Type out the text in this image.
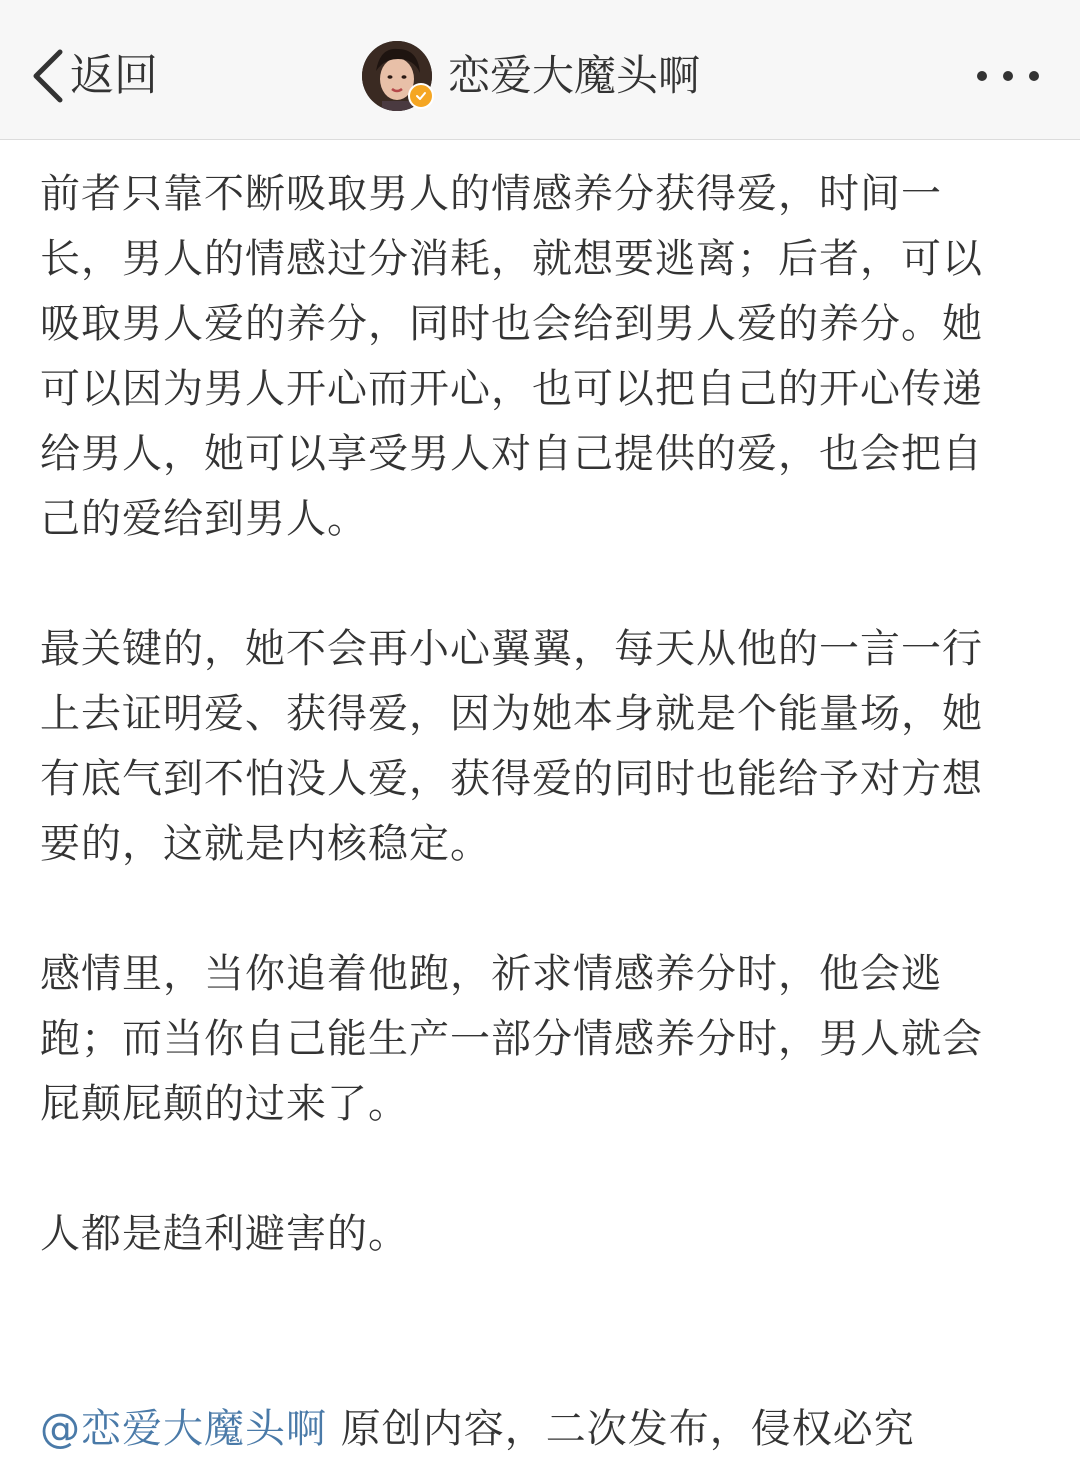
返回	恋爱大魔头啊

前者只靠不断吸取男人的情感养分获得爱，时间一长，男人的情感过分消耗，就想要逃离；后者，可以吸取男人爱的养分，同时也会给到男人爱的养分。她可以因为男人开心而开心，也可以把自己的开心传递给男人，她可以享受男人对自己提供的爱，也会把自己的爱给到男人。

最关键的，她不会再小心翼翼，每天从他的一言一行上去证明爱、获得爱，因为她本身就是个能量场，她有底气到不怕没人爱，获得爱的同时也能给予对方想要的，这就是内核稳定。

感情里，当你追着他跑，祈求情感养分时，他会逃跑；而当你自己能生产一部分情感养分时，男人就会屁颠屁颠的过来了。

人都是趋利避害的。

@恋爱大魔头啊 原创内容，二次发布，侵权必究
